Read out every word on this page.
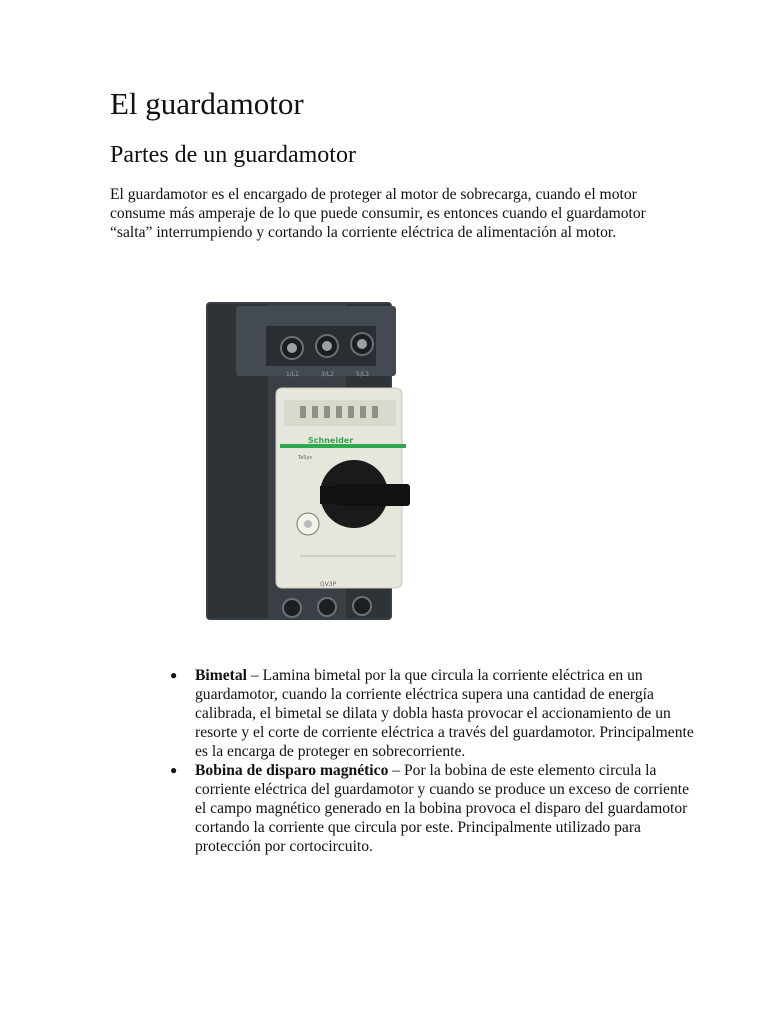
El guardamotor
Partes de un guardamotor

El guardamotor es el encargado de proteger al motor de sobrecarga, cuando el motor consume más amperaje de lo que puede consumir, es entonces cuando el guardamotor “salta” interrumpiendo y cortando la corriente eléctrica de alimentación al motor.

1/L1	3/L2	5/L3
Schneider
TeSys
GV3P
● Bimetal – Lamina bimetal por la que circula la corriente eléctrica en un guardamotor, cuando la corriente eléctrica supera una cantidad de energía calibrada, el bimetal se dilata y dobla hasta provocar el accionamiento de un resorte y el corte de corriente eléctrica a través del guardamotor. Principalmente es la encarga de proteger en sobrecorriente.
● Bobina de disparo magnético – Por la bobina de este elemento circula la corriente eléctrica del guardamotor y cuando se produce un exceso de corriente el campo magnético generado en la bobina provoca el disparo del guardamotor cortando la corriente que circula por este. Principalmente utilizado para protección por cortocircuito.
